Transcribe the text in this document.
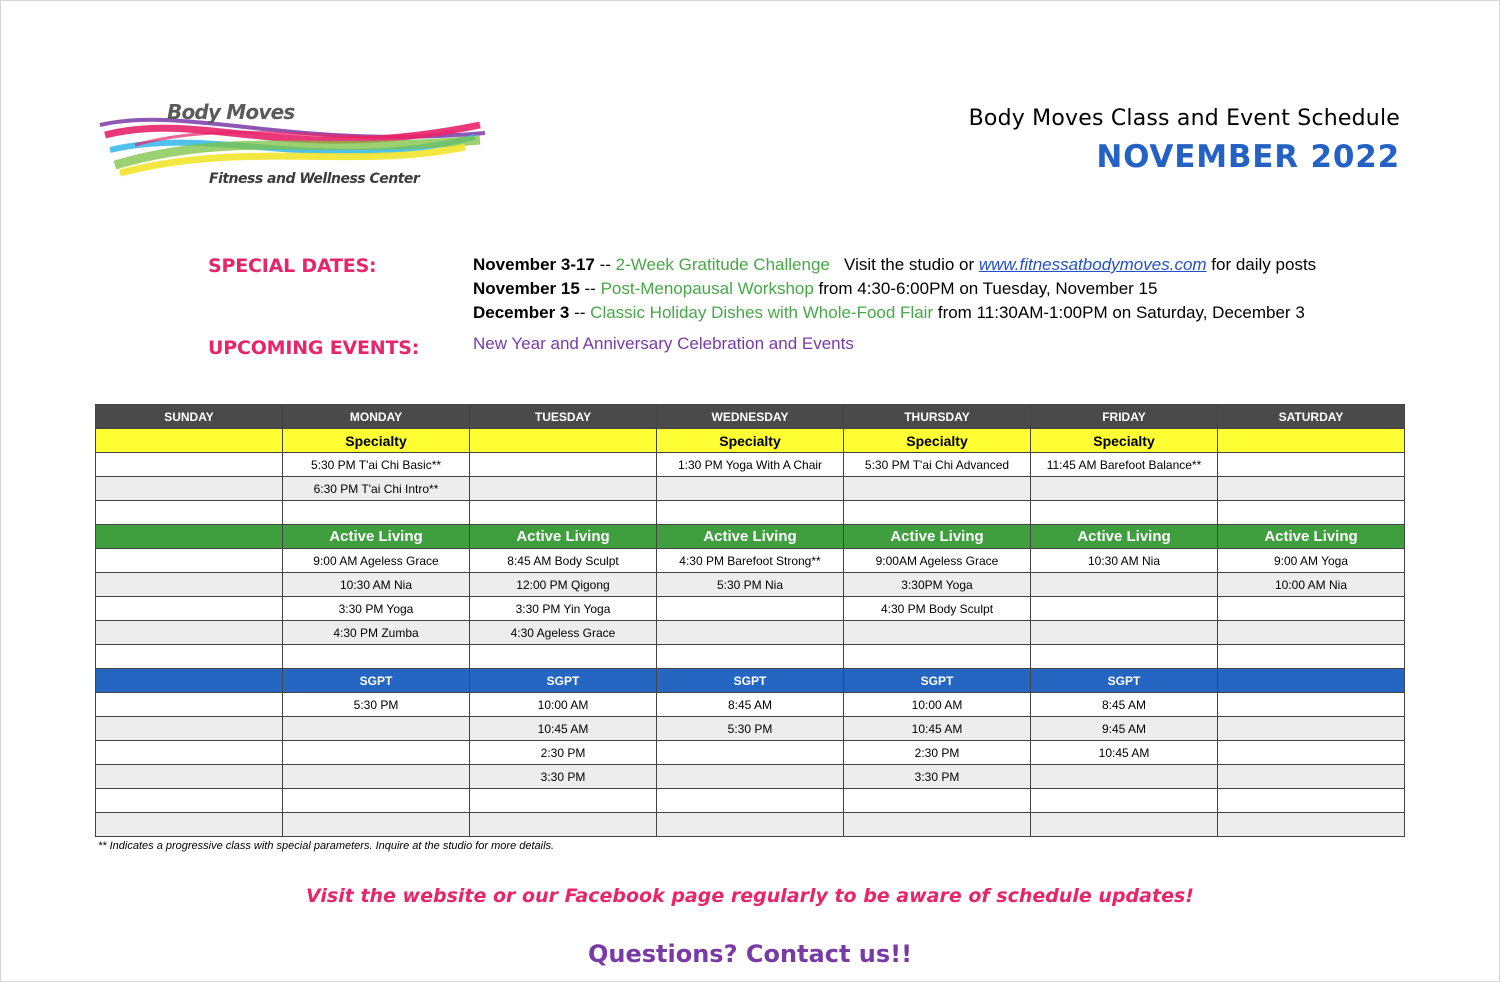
Body Moves
Fitness and Wellness Center
Body Moves Class and Event Schedule
NOVEMBER 2022
SPECIAL DATES:	November 3-17 -- 2-Week Gratitude Challenge   Visit the studio or www.fitnessatbodymoves.com for daily posts
November 15 -- Post-Menopausal Workshop from 4:30-6:00PM on Tuesday, November 15
December 3 -- Classic Holiday Dishes with Whole-Food Flair from 11:30AM-1:00PM on Saturday, December 3
UPCOMING EVENTS:	New Year and Anniversary Celebration and Events
SUNDAY	MONDAY	TUESDAY	WEDNESDAY	THURSDAY	FRIDAY	SATURDAY
	Specialty		Specialty	Specialty	Specialty	
	5:30 PM T'ai Chi Basic**		1:30 PM Yoga With A Chair	5:30 PM T'ai Chi Advanced	11:45 AM Barefoot Balance**	
	6:30 PM T'ai Chi Intro**					

	Active Living	Active Living	Active Living	Active Living	Active Living	Active Living
	9:00 AM Ageless Grace	8:45 AM Body Sculpt	4:30 PM Barefoot Strong**	9:00AM Ageless Grace	10:30 AM Nia	9:00 AM Yoga
	10:30 AM Nia	12:00 PM Qigong	5:30 PM Nia	3:30PM Yoga		10:00 AM Nia
	3:30 PM Yoga	3:30 PM Yin Yoga		4:30 PM Body Sculpt		
	4:30 PM Zumba	4:30 Ageless Grace				

	SGPT	SGPT	SGPT	SGPT	SGPT	
	5:30 PM	10:00 AM	8:45 AM	10:00 AM	8:45 AM	
		10:45 AM	5:30 PM	10:45 AM	9:45 AM	
		2:30 PM		2:30 PM	10:45 AM	
		3:30 PM		3:30 PM		

** Indicates a progressive class with special parameters. Inquire at the studio for more details.
Visit the website or our Facebook page regularly to be aware of schedule updates!
Questions? Contact us!!
